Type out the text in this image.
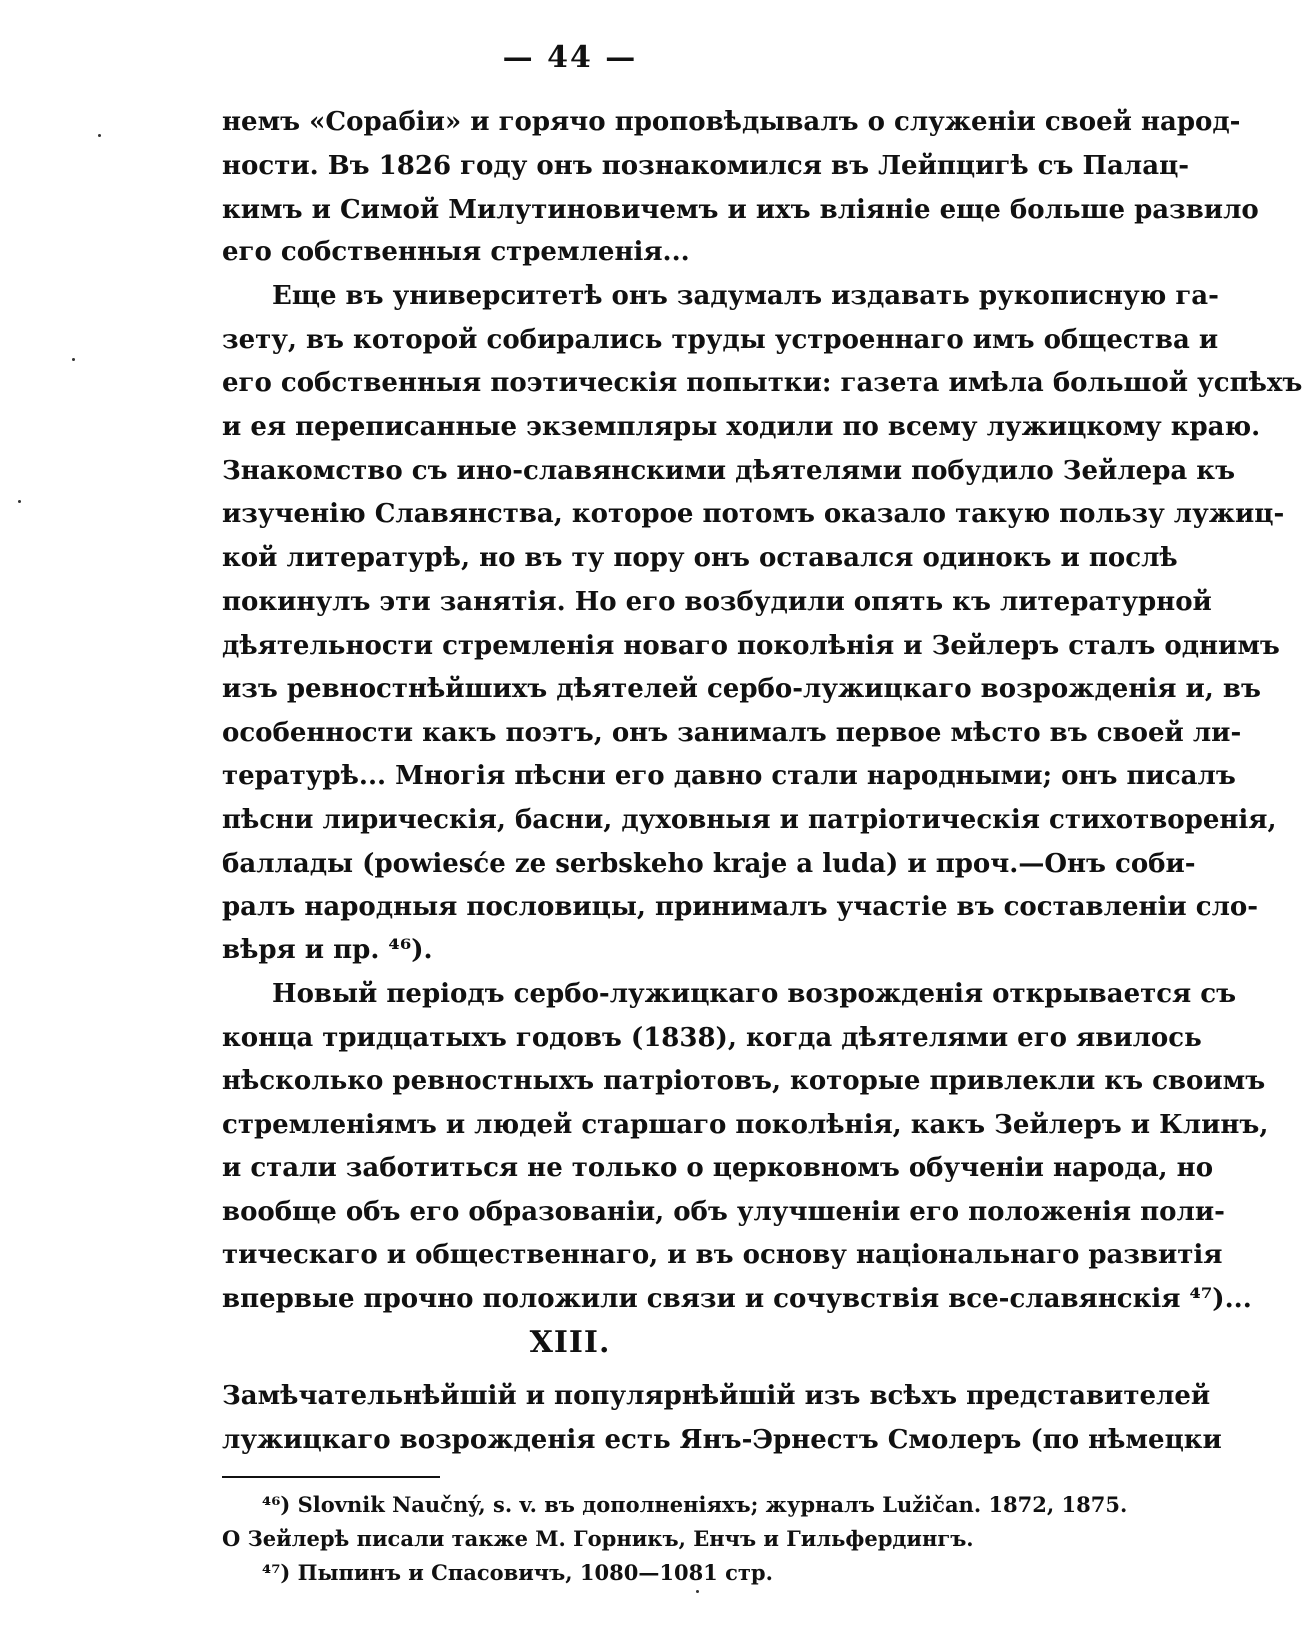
— 44 —
немъ «Сорабіи» и горячо проповѣдывалъ о служеніи своей народ-
ности. Въ 1826 году онъ познакомился въ Лейпцигѣ съ Палац-
кимъ и Симой Милутиновичемъ и ихъ вліяніе еще больше развило
его собственныя стремленія...
Еще въ университетѣ онъ задумалъ издавать рукописную га-
зету, въ которой собирались труды устроеннаго имъ общества и
его собственныя поэтическія попытки: газета имѣла большой успѣхъ
и ея переписанные экземпляры ходили по всему лужицкому краю.
Знакомство съ ино-славянскими дѣятелями побудило Зейлера къ
изученію Славянства, которое потомъ оказало такую пользу лужиц-
кой литературѣ, но въ ту пору онъ оставался одинокъ и послѣ
покинулъ эти занятія. Но его возбудили опять къ литературной
дѣятельности стремленія новаго поколѣнія и Зейлеръ сталъ однимъ
изъ ревностнѣйшихъ дѣятелей сербо-лужицкаго возрожденія и, въ
особенности какъ поэтъ, онъ занималъ первое мѣсто въ своей ли-
тературѣ... Многія пѣсни его давно стали народными; онъ писалъ
пѣсни лирическія, басни, духовныя и патріотическія стихотворенія,
баллады (powiesće ze serbskeho kraje a luda) и проч.—Онъ соби-
ралъ народныя пословицы, принималъ участіе въ составленіи сло-
вѣря и пр. ⁴⁶).
Новый періодъ сербо-лужицкаго возрожденія открывается съ
конца тридцатыхъ годовъ (1838), когда дѣятелями его явилось
нѣсколько ревностныхъ патріотовъ, которые привлекли къ своимъ
стремленіямъ и людей старшаго поколѣнія, какъ Зейлеръ и Клинъ,
и стали заботиться не только о церковномъ обученіи народа, но
вообще объ его образованіи, объ улучшеніи его положенія поли-
тическаго и общественнаго, и въ основу національнаго развитія
впервые прочно положили связи и сочувствія все-славянскія ⁴⁷)...
XIII.
Замѣчательнѣйшій и популярнѣйшій изъ всѣхъ представителей
лужицкаго возрожденія есть Янъ-Эрнестъ Смолеръ (по нѣмецки
⁴⁶) Slovnik Naučný, s. v. въ дополненіяхъ; журналъ Lužičan. 1872, 1875.
О Зейлерѣ писали также М. Горникъ, Енчъ и Гильфердингъ.
⁴⁷) Пыпинъ и Спасовичъ, 1080—1081 стр.
